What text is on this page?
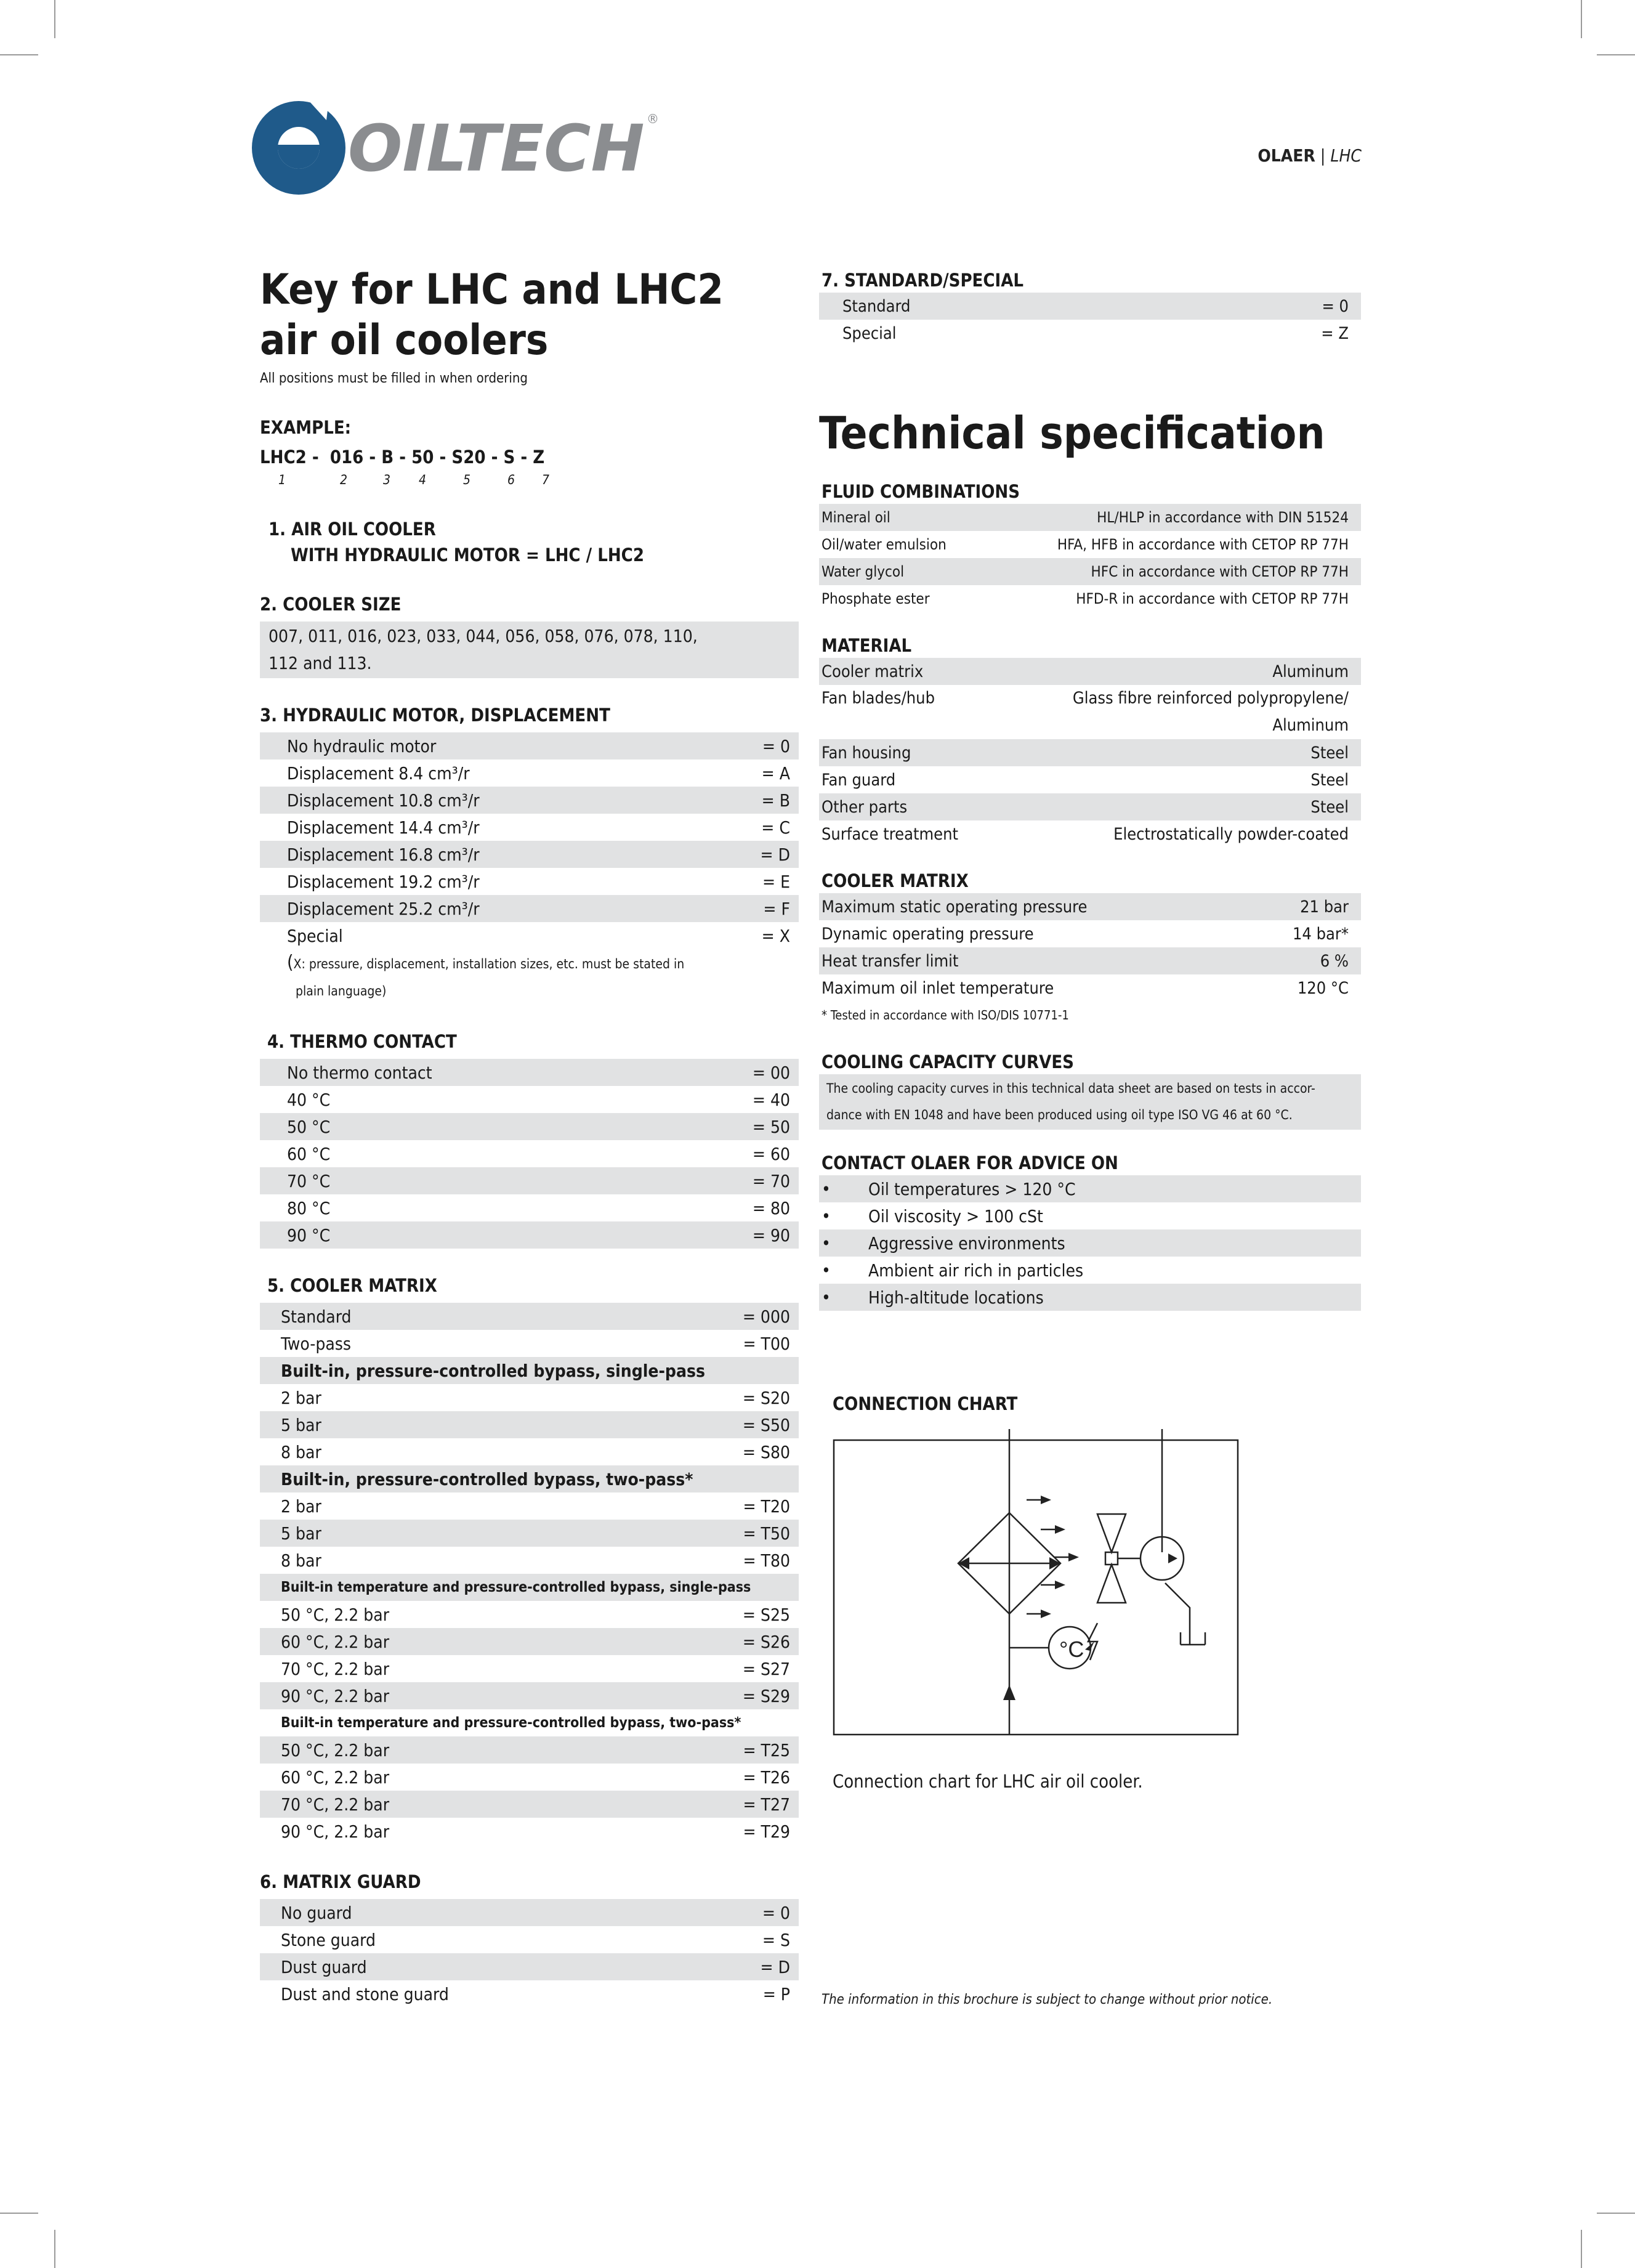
OILTECH ®
OLAER | LHC
Key for LHC and LHC2
air oil coolers
All positions must be filled in when ordering
EXAMPLE:
LHC2 -  016 - B - 50 - S20 - S - Z
1	2	3 4	5	6 7
1. AIR OIL COOLER
WITH HYDRAULIC MOTOR = LHC / LHC2
2. COOLER SIZE
007, 011, 016, 023, 033, 044, 056, 058, 076, 078, 110,
112 and 113.
3. HYDRAULIC MOTOR, DISPLACEMENT
No hydraulic motor	= 0
Displacement 8.4 cm³/r	= A
Displacement 10.8 cm³/r	= B
Displacement 14.4 cm³/r	= C
Displacement 16.8 cm³/r	= D
Displacement 19.2 cm³/r	= E
Displacement 25.2 cm³/r	= F
Special	= X
(X: pressure, displacement, installation sizes, etc. must be stated in
plain language)
4. THERMO CONTACT
No thermo contact	= 00
40 °C	= 40
50 °C	= 50
60 °C	= 60
70 °C	= 70
80 °C	= 80
90 °C	= 90
5. COOLER MATRIX
Standard	= 000
Two-pass	= T00
Built-in, pressure-controlled bypass, single-pass
2 bar	= S20
5 bar	= S50
8 bar	= S80
Built-in, pressure-controlled bypass, two-pass*
2 bar	= T20
5 bar	= T50
8 bar	= T80
Built-in temperature and pressure-controlled bypass, single-pass
50 °C, 2.2 bar	= S25
60 °C, 2.2 bar	= S26
70 °C, 2.2 bar	= S27
90 °C, 2.2 bar	= S29
Built-in temperature and pressure-controlled bypass, two-pass*
50 °C, 2.2 bar	= T25
60 °C, 2.2 bar	= T26
70 °C, 2.2 bar	= T27
90 °C, 2.2 bar	= T29
6. MATRIX GUARD
No guard	= 0
Stone guard	= S
Dust guard	= D
Dust and stone guard	= P
7. STANDARD/SPECIAL
Standard	= 0
Special	= Z
Technical specification
FLUID COMBINATIONS
Mineral oil	HL/HLP in accordance with DIN 51524
Oil/water emulsion	HFA, HFB in accordance with CETOP RP 77H
Water glycol	HFC in accordance with CETOP RP 77H
Phosphate ester	HFD-R in accordance with CETOP RP 77H
MATERIAL
Cooler matrix	Aluminum
Fan blades/hub	Glass fibre reinforced polypropylene/
Aluminum
Fan housing	Steel
Fan guard	Steel
Other parts	Steel
Surface treatment	Electrostatically powder-coated
COOLER MATRIX
Maximum static operating pressure	21 bar
Dynamic operating pressure	14 bar*
Heat transfer limit	6 %
Maximum oil inlet temperature	120 °C
* Tested in accordance with ISO/DIS 10771-1
COOLING CAPACITY CURVES
The cooling capacity curves in this technical data sheet are based on tests in accor-
dance with EN 1048 and have been produced using oil type ISO VG 46 at 60 °C.
CONTACT OLAER FOR ADVICE ON
•	Oil temperatures > 120 °C
•	Oil viscosity > 100 cSt
•	Aggressive environments
•	Ambient air rich in particles
•	High-altitude locations
CONNECTION CHART
°C
Connection chart for LHC air oil cooler.
The information in this brochure is subject to change without prior notice.
